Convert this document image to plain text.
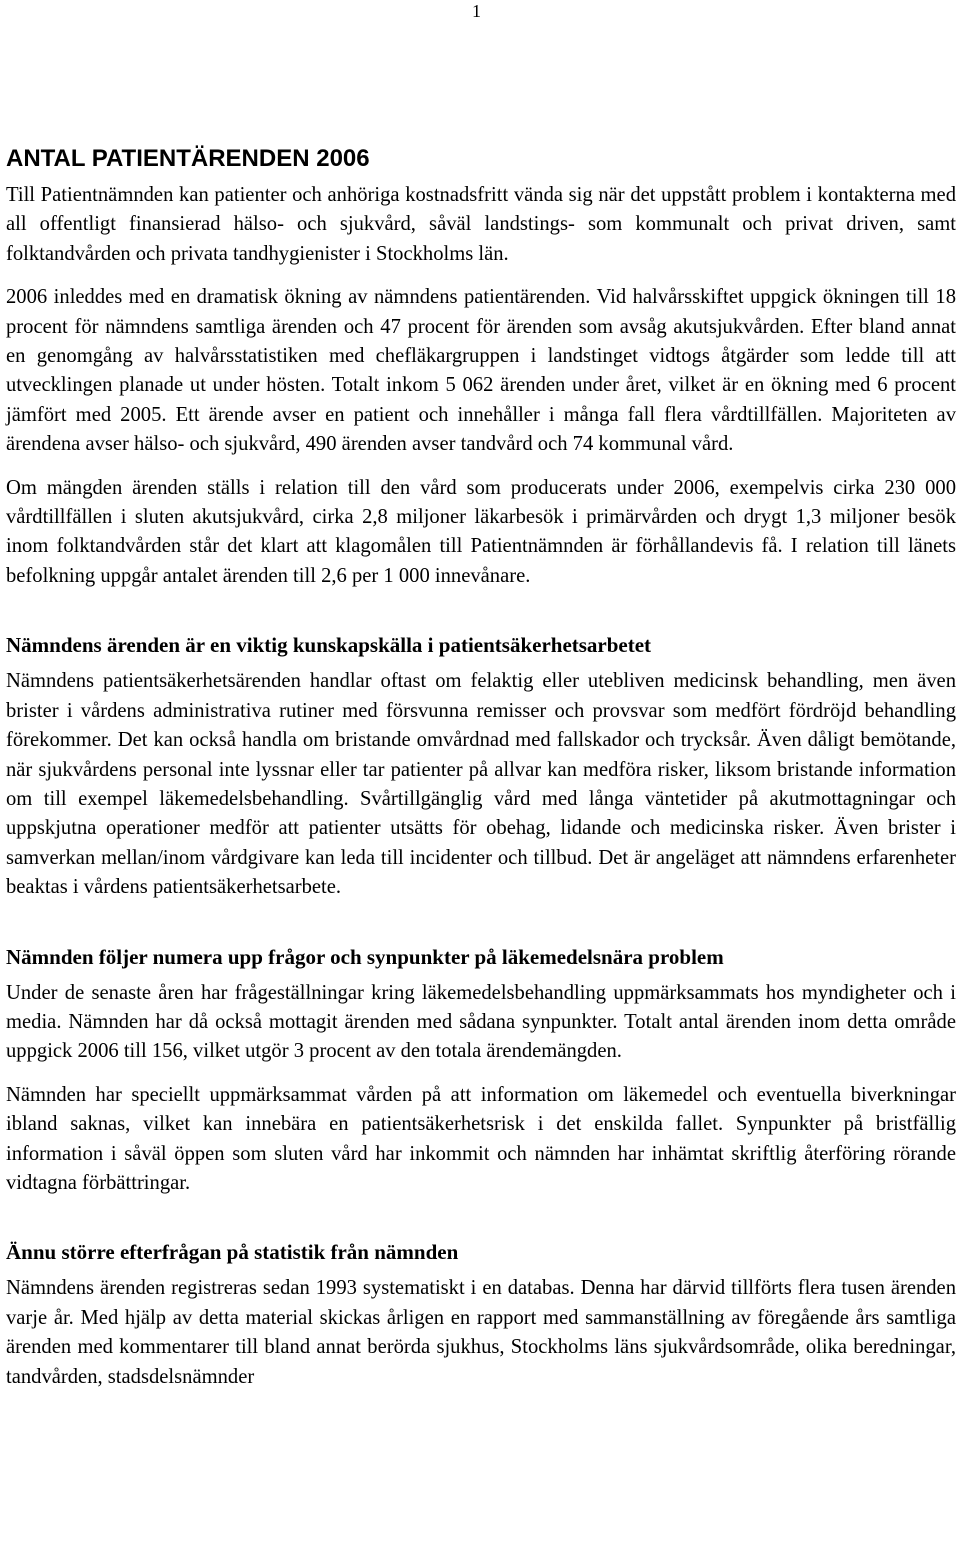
1
ANTAL PATIENTÄRENDEN 2006

Till Patientnämnden kan patienter och anhöriga kostnadsfritt vända sig när det uppstått problem i kontakterna med all offentligt finansierad hälso- och sjukvård, såväl landstings- som kommunalt och privat driven, samt folktandvården och privata tandhygienister i Stockholms län.

2006 inleddes med en dramatisk ökning av nämndens patientärenden. Vid halvårsskiftet uppgick ökningen till 18 procent för nämndens samtliga ärenden och 47 procent för ärenden som avsåg akutsjukvården. Efter bland annat en genomgång av halvårsstatistiken med chefläkargruppen i landstinget vidtogs åtgärder som ledde till att utvecklingen planade ut under hösten. Totalt inkom 5 062 ärenden under året, vilket är en ökning med 6 procent jämfört med 2005. Ett ärende avser en patient och innehåller i många fall flera vårdtillfällen. Majoriteten av ärendena avser hälso- och sjukvård, 490 ärenden avser tandvård och 74 kommunal vård.

Om mängden ärenden ställs i relation till den vård som producerats under 2006, exempelvis cirka 230 000 vårdtillfällen i sluten akutsjukvård, cirka 2,8 miljoner läkarbesök i primärvården och drygt 1,3 miljoner besök inom folktandvården står det klart att klagomålen till Patientnämnden är förhållandevis få. I relation till länets befolkning uppgår antalet ärenden till 2,6 per 1 000 innevånare.

Nämndens ärenden är en viktig kunskapskälla i patientsäkerhetsarbetet

Nämndens patientsäkerhetsärenden handlar oftast om felaktig eller utebliven medicinsk behandling, men även brister i vårdens administrativa rutiner med försvunna remisser och provsvar som medfört fördröjd behandling förekommer. Det kan också handla om bristande omvårdnad med fallskador och trycksår. Även dåligt bemötande, när sjukvårdens personal inte lyssnar eller tar patienter på allvar kan medföra risker, liksom bristande information om till exempel läkemedelsbehandling. Svårtillgänglig vård med långa väntetider på akutmottagningar och uppskjutna operationer medför att patienter utsätts för obehag, lidande och medicinska risker. Även brister i samverkan mellan/inom vårdgivare kan leda till incidenter och tillbud. Det är angeläget att nämndens erfarenheter beaktas i vårdens patientsäkerhetsarbete.

Nämnden följer numera upp frågor och synpunkter på läkemedelsnära problem

Under de senaste åren har frågeställningar kring läkemedelsbehandling uppmärksammats hos myndigheter och i media. Nämnden har då också mottagit ärenden med sådana synpunkter. Totalt antal ärenden inom detta område uppgick 2006 till 156, vilket utgör 3 procent av den totala ärendemängden.

Nämnden har speciellt uppmärksammat vården på att information om läkemedel och eventuella biverkningar ibland saknas, vilket kan innebära en patientsäkerhetsrisk i det enskilda fallet. Synpunkter på bristfällig information i såväl öppen som sluten vård har inkommit och nämnden har inhämtat skriftlig återföring rörande vidtagna förbättringar.

Ännu större efterfrågan på statistik från nämnden

Nämndens ärenden registreras sedan 1993 systematiskt i en databas. Denna har därvid tillförts flera tusen ärenden varje år. Med hjälp av detta material skickas årligen en rapport med sammanställning av föregående års samtliga ärenden med kommentarer till bland annat berörda sjukhus, Stockholms läns sjukvårdsområde, olika beredningar, tandvården, stadsdelsnämnder
